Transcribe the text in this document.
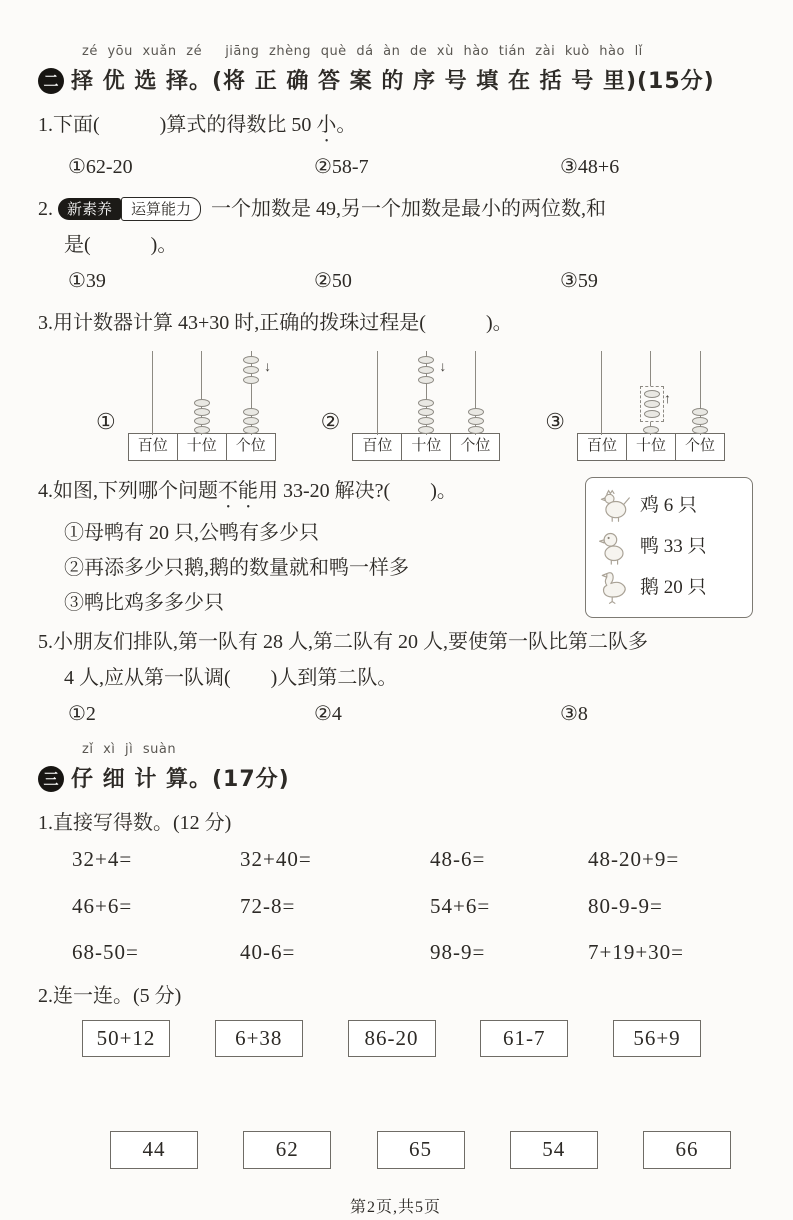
zé yōu xuǎn zé　 jiāng zhèng què dá àn de xù hào tián zài kuò hào lǐ
二 择 优 选 择。(将 正 确 答 案 的 序 号 填 在 括 号 里)(15分)
1.下面(　　　)算式的得数比 50 小。
①62-20	②58-7	③48+6
2.
新素养	运算能力	一个加数是 49,另一个加数是最小的两位数,和
是(　　　)。
①39	②50	③59
3.用计数器计算 43+30 时,正确的拨珠过程是(　　　)。
①
百位	十位	个位
↓
②
百位	十位	个位
↓
③
百位	十位	个位
↑
4.如图,下列哪个问题不能用 33-20 解决?(　　)。
①母鸭有 20 只,公鸭有多少只
②再添多少只鹅,鹅的数量就和鸭一样多
③鸭比鸡多多少只
鸡 6 只
鸭 33 只
鹅 20 只
5.小朋友们排队,第一队有 28 人,第二队有 20 人,要使第一队比第二队多
4 人,应从第一队调(　　)人到第二队。
①2	②4	③8
zǐ xì jì suàn
三 仔 细 计 算。(17分)
1.直接写得数。(12 分)
32+4=	32+40=	48-6=	48-20+9=
46+6=	72-8=	54+6=	80-9-9=
68-50=	40-6=	98-9=	7+19+30=
2.连一连。(5 分)
50+12	6+38	86-20	61-7	56+9
44	62	65	54	66
第2页,共5页
